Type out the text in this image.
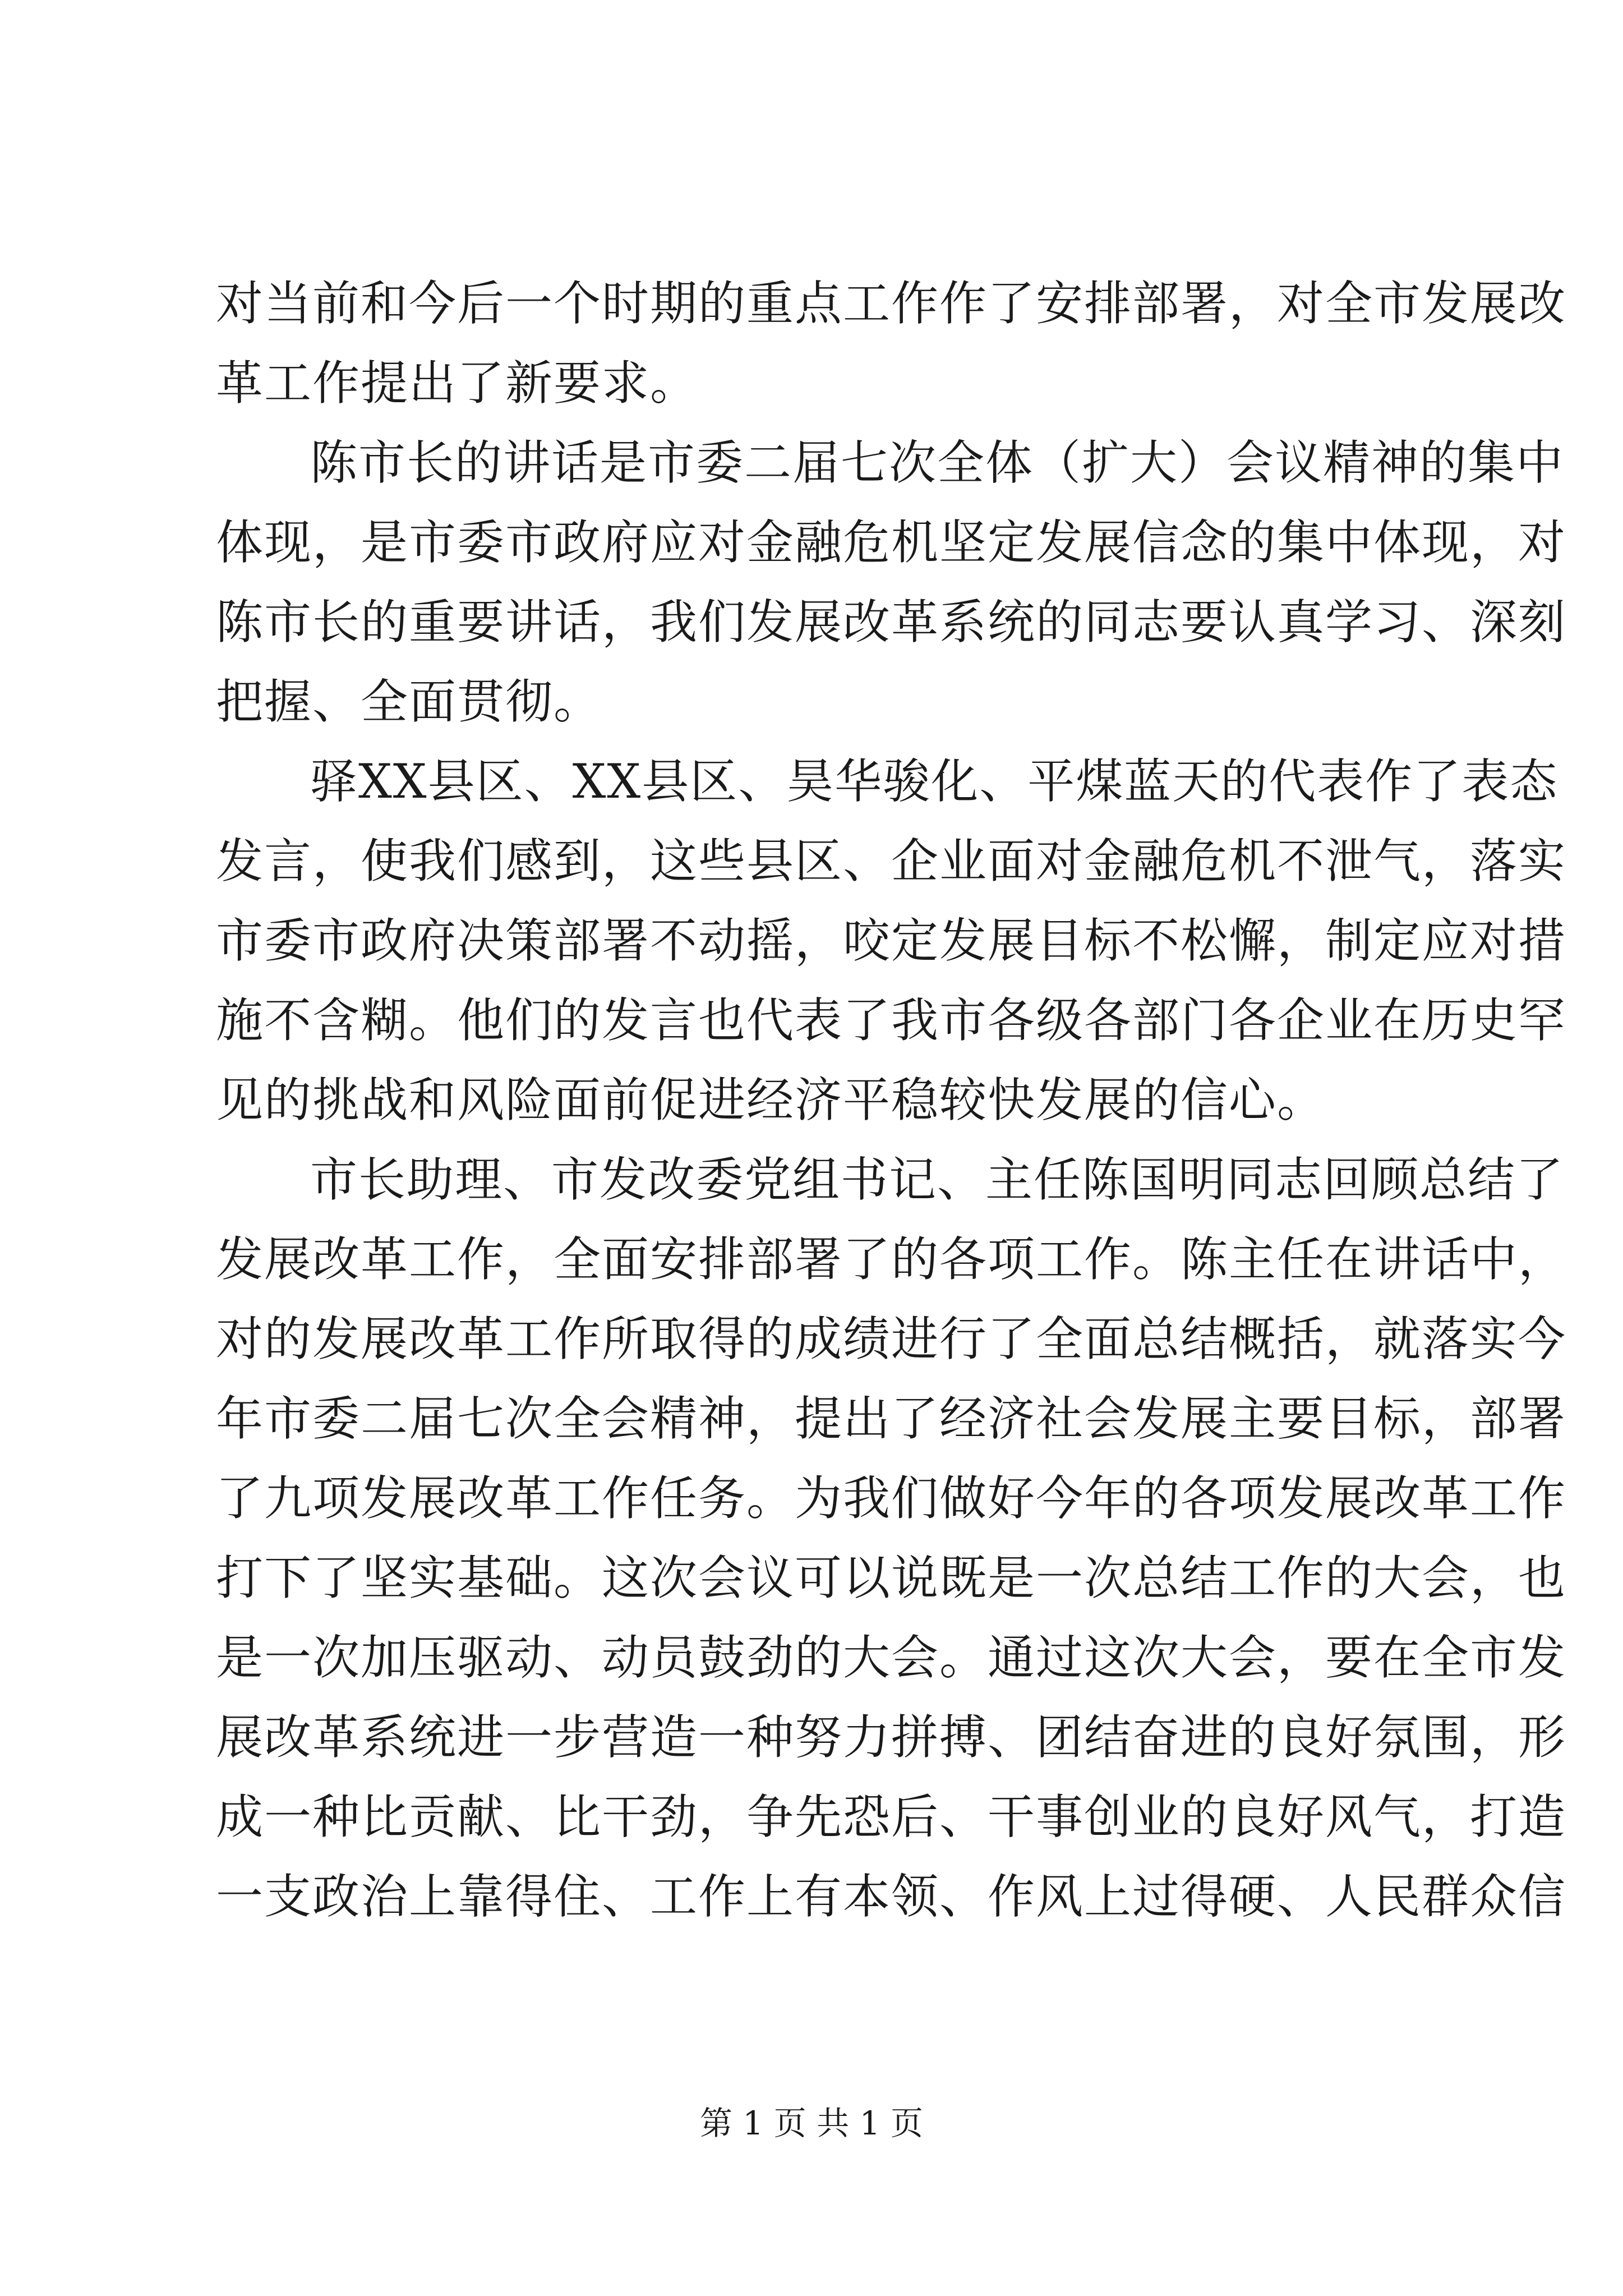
对当前和今后一个时期的重点工作作了安排部署，对全市发展改
革工作提出了新要求。
陈市长的讲话是市委二届七次全体（扩大）会议精神的集中
体现，是市委市政府应对金融危机坚定发展信念的集中体现，对
陈市长的重要讲话，我们发展改革系统的同志要认真学习、深刻
把握、全面贯彻。
驿XX县区、XX县区、昊华骏化、平煤蓝天的代表作了表态
发言，使我们感到，这些县区、企业面对金融危机不泄气，落实
市委市政府决策部署不动摇，咬定发展目标不松懈，制定应对措
施不含糊。他们的发言也代表了我市各级各部门各企业在历史罕
见的挑战和风险面前促进经济平稳较快发展的信心。
市长助理、市发改委党组书记、主任陈国明同志回顾总结了
发展改革工作，全面安排部署了的各项工作。陈主任在讲话中，
对的发展改革工作所取得的成绩进行了全面总结概括，就落实今
年市委二届七次全会精神，提出了经济社会发展主要目标，部署
了九项发展改革工作任务。为我们做好今年的各项发展改革工作
打下了坚实基础。这次会议可以说既是一次总结工作的大会，也
是一次加压驱动、动员鼓劲的大会。通过这次大会，要在全市发
展改革系统进一步营造一种努力拼搏、团结奋进的良好氛围，形
成一种比贡献、比干劲，争先恐后、干事创业的良好风气，打造
一支政治上靠得住、工作上有本领、作风上过得硬、人民群众信
第 1 页 共 1 页
